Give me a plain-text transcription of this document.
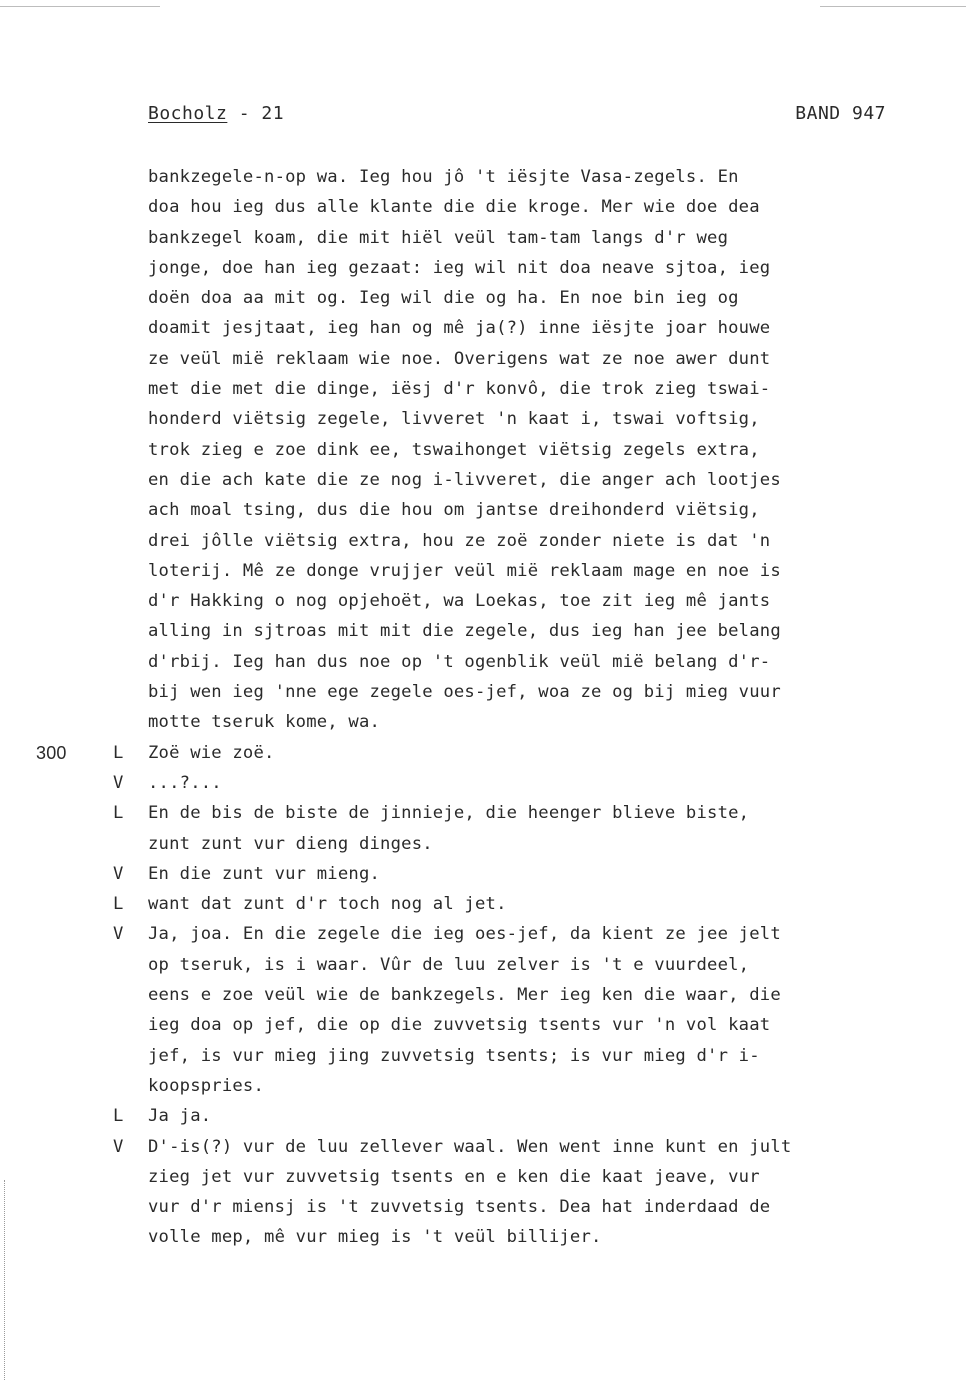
Bocholz - 21	BAND 947
bankzegele-n-op wa. Ieg hou jô 't iësjte Vasa-zegels. En
doa hou ieg dus alle klante die die kroge. Mer wie doe dea
bankzegel koam, die mit hiël veül tam-tam langs d'r weg
jonge, doe han ieg gezaat: ieg wil nit doa neave sjtoa, ieg
doën doa aa mit og. Ieg wil die og ha. En noe bin ieg og
doamit jesjtaat, ieg han og mê ja(?) inne iësjte joar houwe
ze veül mië reklaam wie noe. Overigens wat ze noe awer dunt
met die met die dinge, iësj d'r konvô, die trok zieg tswai-
honderd viëtsig zegele, livveret 'n kaat i, tswai voftsig,
trok zieg e zoe dink ee, tswaihonget viëtsig zegels extra,
en die ach kate die ze nog i-livveret, die anger ach lootjes
ach moal tsing, dus die hou om jantse dreihonderd viëtsig,
drei jôlle viëtsig extra, hou ze zoë zonder niete is dat 'n
loterij. Mê ze donge vrujjer veül mië reklaam mage en noe is
d'r Hakking o nog opjehoët, wa Loekas, toe zit ieg mê jants
alling in sjtroas mit mit die zegele, dus ieg han jee belang
d'rbij. Ieg han dus noe op 't ogenblik veül mië belang d'r-
bij wen ieg 'nne ege zegele oes-jef, woa ze og bij mieg vuur
motte tseruk kome, wa.
300	L Zoë wie zoë.
V ...?...
L En de bis de biste de jinnieje, die heenger blieve biste,
zunt zunt vur dieng dinges.
V En die zunt vur mieng.
L want dat zunt d'r toch nog al jet.
V Ja, joa. En die zegele die ieg oes-jef, da kient ze jee jelt
op tseruk, is i waar. Vûr de luu zelver is 't e vuurdeel,
eens e zoe veül wie de bankzegels. Mer ieg ken die waar, die
ieg doa op jef, die op die zuvvetsig tsents vur 'n vol kaat
jef, is vur mieg jing zuvvetsig tsents; is vur mieg d'r i-
koopspries.
L Ja ja.
V D'-is(?) vur de luu zellever waal. Wen went inne kunt en jult
zieg jet vur zuvvetsig tsents en e ken die kaat jeave, vur
vur d'r miensj is 't zuvvetsig tsents. Dea hat inderdaad de
volle mep, mê vur mieg is 't veül billijer.
